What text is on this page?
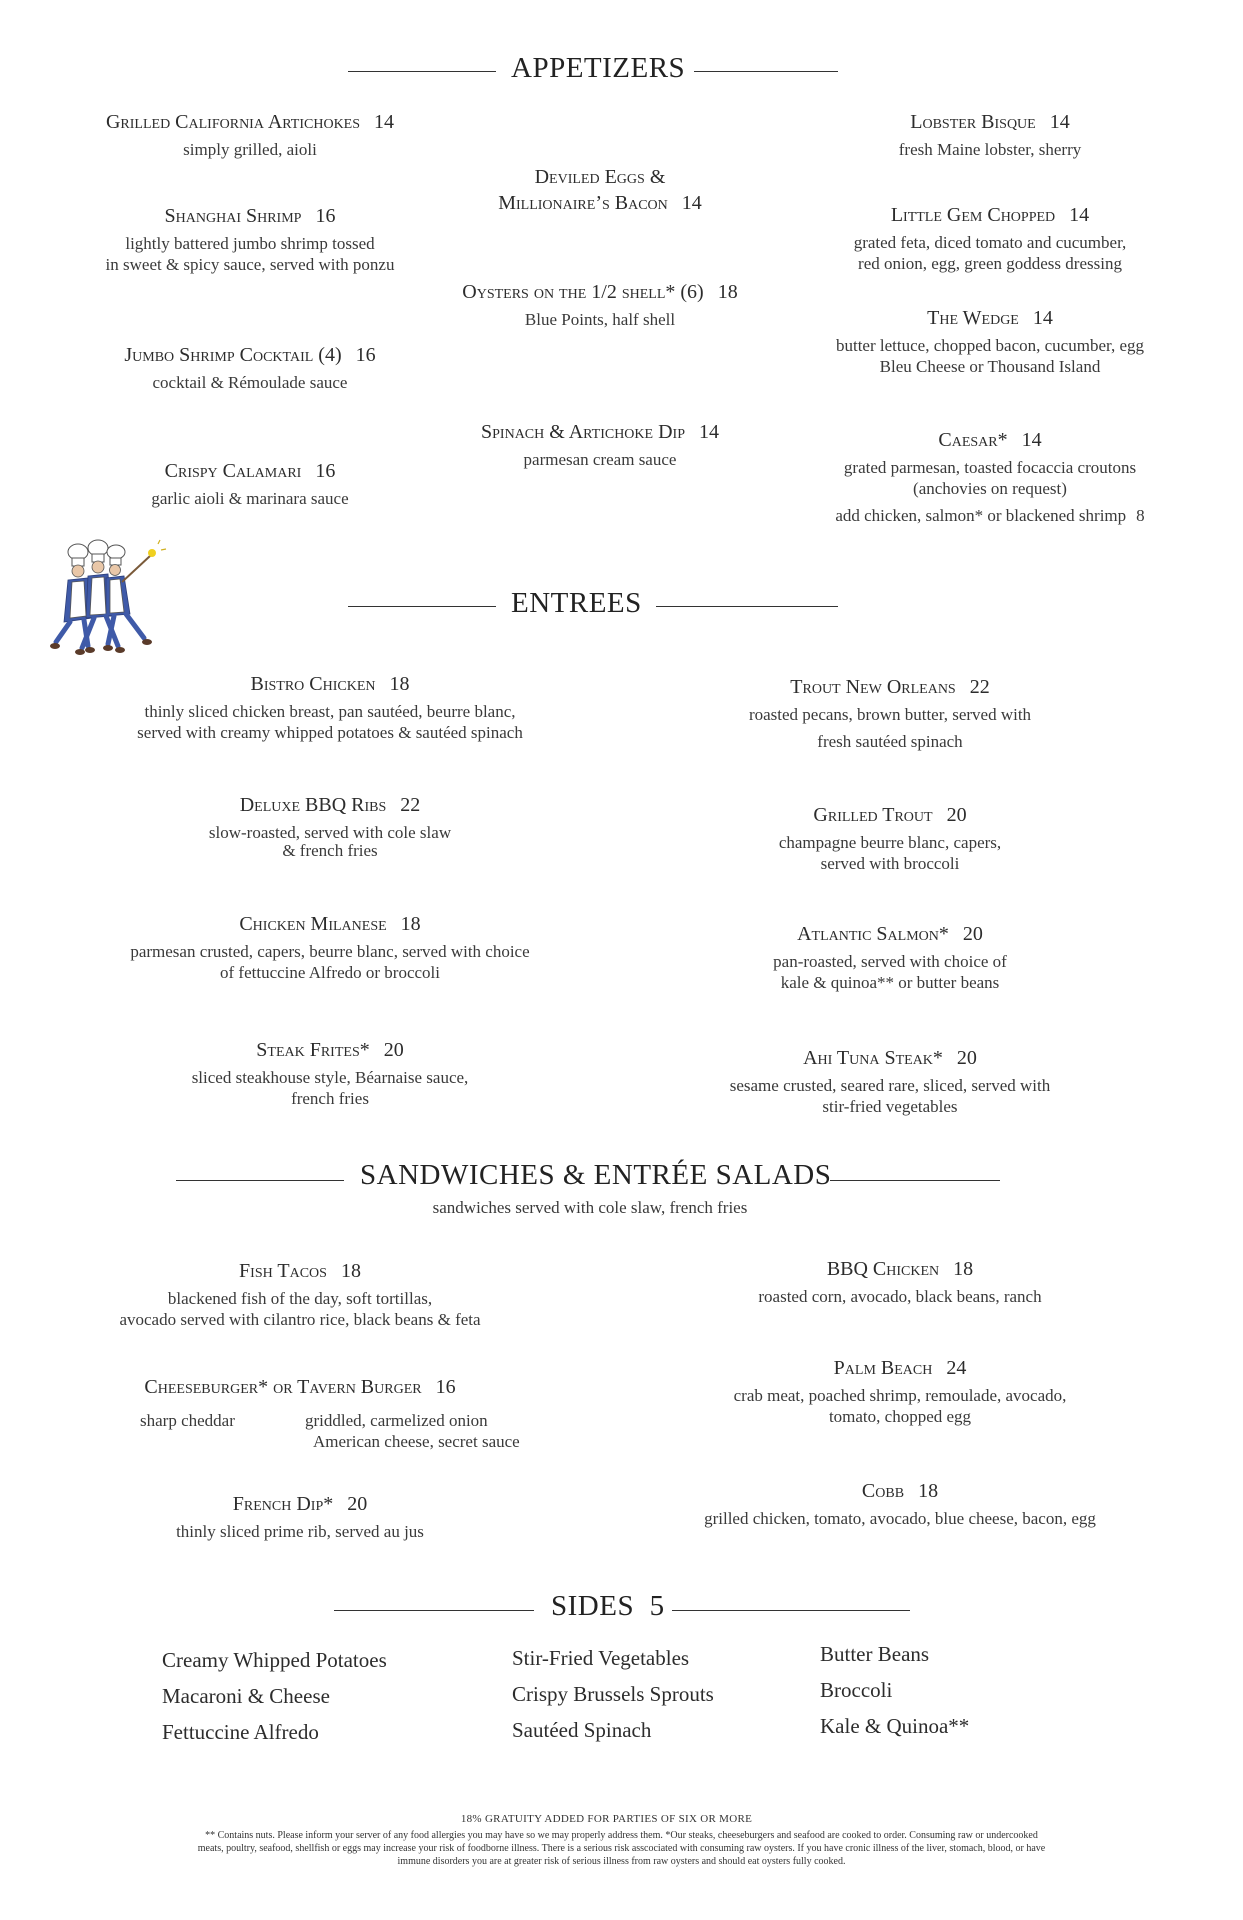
APPETIZERS
Grilled California Artichokes 14
simply grilled, aioli
Shanghai Shrimp 16
lightly battered jumbo shrimp tossed
in sweet & spicy sauce, served with ponzu
Jumbo Shrimp Cocktail (4) 16
cocktail & Rémoulade sauce
Crispy Calamari 16
garlic aioli & marinara sauce
Deviled Eggs &
Millionaire’s Bacon 14
Oysters on the 1/2 shell* (6) 18
Blue Points, half shell
Spinach & Artichoke Dip 14
parmesan cream sauce
Lobster Bisque 14
fresh Maine lobster, sherry
Little Gem Chopped 14
grated feta, diced tomato and cucumber,
red onion, egg, green goddess dressing
The Wedge 14
butter lettuce, chopped bacon, cucumber, egg
Bleu Cheese or Thousand Island
Caesar* 14
grated parmesan, toasted focaccia croutons
(anchovies on request)
add chicken, salmon* or blackened shrimp 8
ENTREES
Bistro Chicken 18
thinly sliced chicken breast, pan sautéed, beurre blanc,
served with creamy whipped potatoes & sautéed spinach
Deluxe BBQ Ribs 22
slow-roasted, served with cole slaw
& french fries
Chicken Milanese 18
parmesan crusted, capers, beurre blanc, served with choice
of fettuccine Alfredo or broccoli
Steak Frites* 20
sliced steakhouse style, Béarnaise sauce,
french fries
Trout New Orleans 22
roasted pecans, brown butter, served with
fresh sautéed spinach
Grilled Trout 20
champagne beurre blanc, capers,
served with broccoli
Atlantic Salmon* 20
pan-roasted, served with choice of
kale & quinoa** or butter beans
Ahi Tuna Steak* 20
sesame crusted, seared rare, sliced, served with
stir-fried vegetables
SANDWICHES & ENTRÉE SALADS
sandwiches served with cole slaw, french fries
Fish Tacos 18
blackened fish of the day, soft tortillas,
avocado served with cilantro rice, black beans & feta
Cheeseburger* or Tavern Burger 16
sharp cheddar	griddled, carmelized onion
American cheese, secret sauce
French Dip* 20
thinly sliced prime rib, served au jus
BBQ Chicken 18
roasted corn, avocado, black beans, ranch
Palm Beach 24
crab meat, poached shrimp, remoulade, avocado,
tomato, chopped egg
Cobb 18
grilled chicken, tomato, avocado, blue cheese, bacon, egg
SIDES  5
Creamy Whipped Potatoes
Macaroni & Cheese
Fettuccine Alfredo
Stir-Fried Vegetables
Crispy Brussels Sprouts
Sautéed Spinach
Butter Beans
Broccoli
Kale & Quinoa**
18% GRATUITY ADDED FOR PARTIES OF SIX OR MORE
** Contains nuts. Please inform your server of any food allergies you may have so we may properly address them. *Our steaks, cheeseburgers and seafood are cooked to order. Consuming raw or undercooked
meats, poultry, seafood, shellfish or eggs may increase your risk of foodborne illness. There is a serious risk asscociated with consuming raw oysters. If you have cronic illness of the liver, stomach, blood, or have
immune disorders you are at greater risk of serious illness from raw oysters and should eat oysters fully cooked.
